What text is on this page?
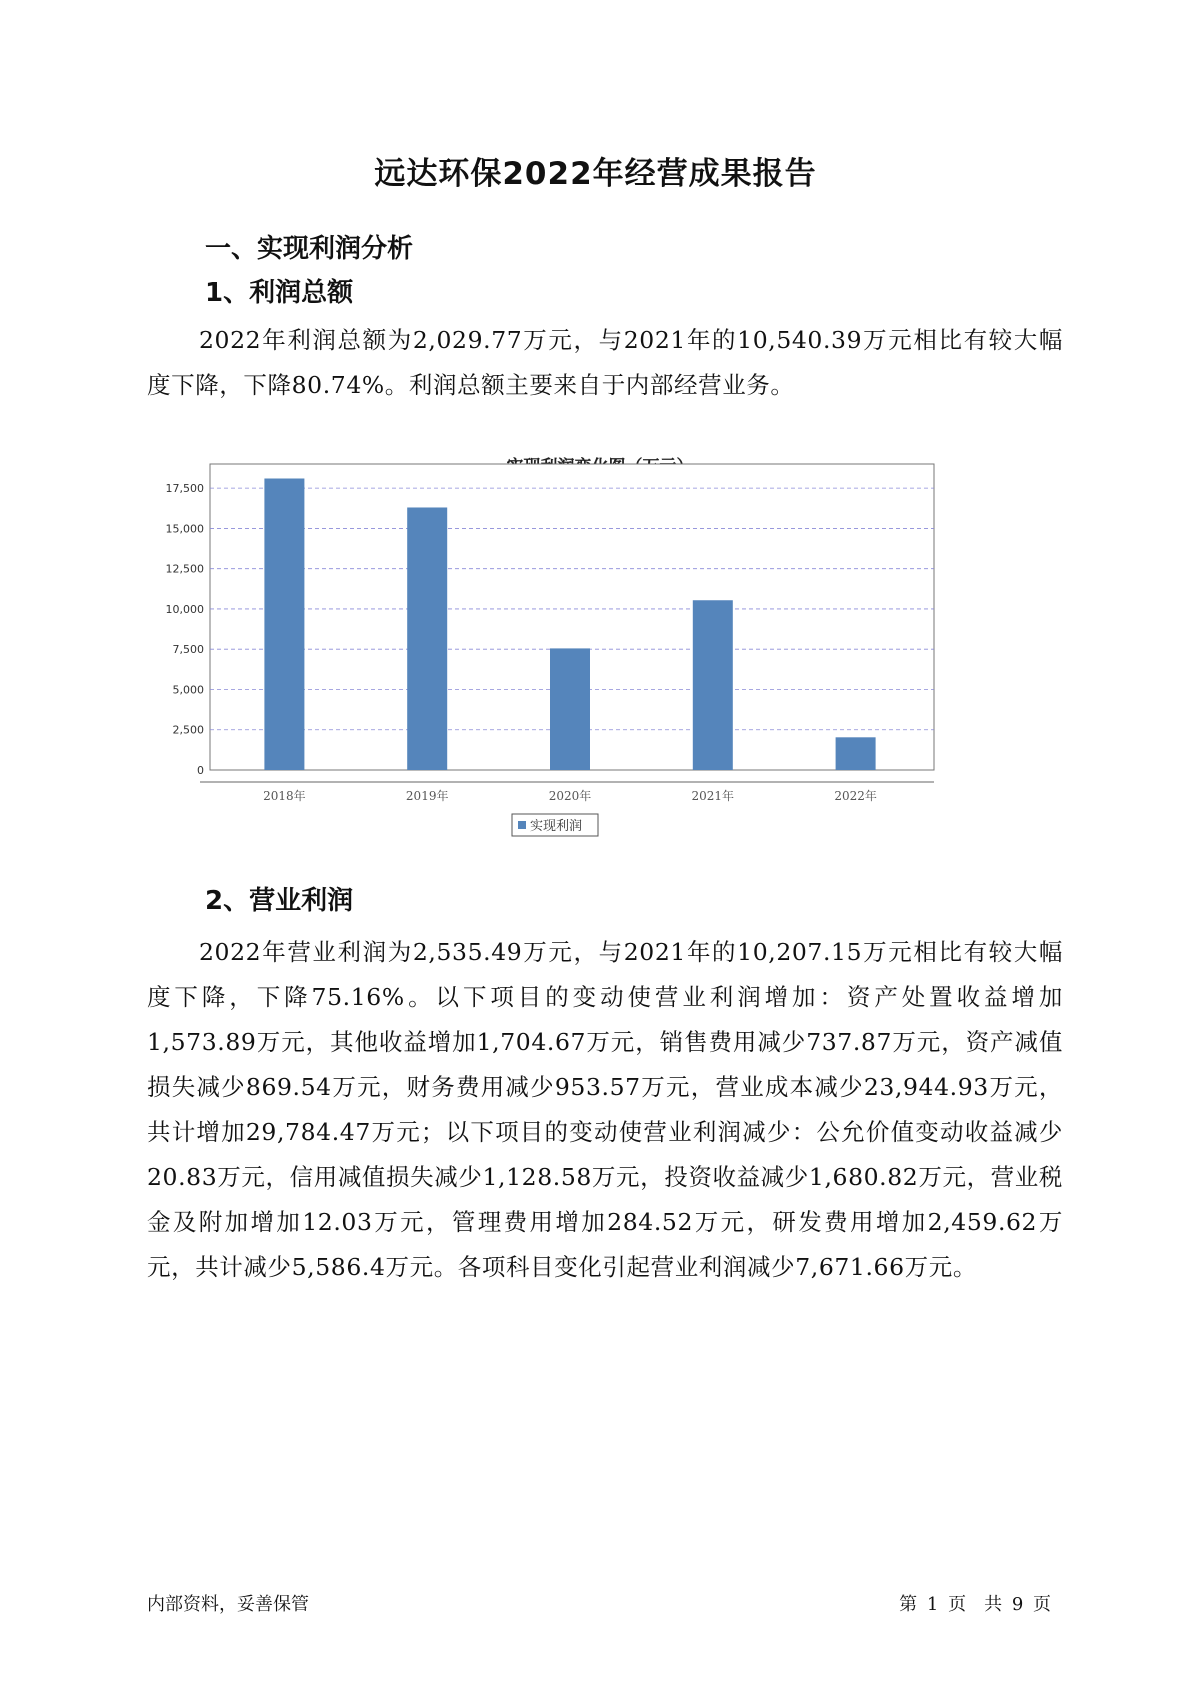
远达环保2022年经营成果报告
一、实现利润分析
1、利润总额

2022年利润总额为2,029.77万元，与2021年的10,540.39万元相比有较大幅度下降，下降80.74%。利润总额主要来自于内部经营业务。

0
2,500
5,000
7,500
10,000
12,500
15,000
17,500
2018年	2019年	2020年	2021年	2022年
实现利润
2、营业利润

2022年营业利润为2,535.49万元，与2021年的10,207.15万元相比有较大幅度下降，下降75.16%。以下项目的变动使营业利润增加：资产处置收益增加1,573.89万元，其他收益增加1,704.67万元，销售费用减少737.87万元，资产减值损失减少869.54万元，财务费用减少953.57万元，营业成本减少23,944.93万元，共计增加29,784.47万元；以下项目的变动使营业利润减少：公允价值变动收益减少20.83万元，信用减值损失减少1,128.58万元，投资收益减少1,680.82万元，营业税金及附加增加12.03万元，管理费用增加284.52万元，研发费用增加2,459.62万元，共计减少5,586.4万元。各项科目变化引起营业利润减少7,671.66万元。

内部资料，妥善保管	第 1 页　共 9 页
